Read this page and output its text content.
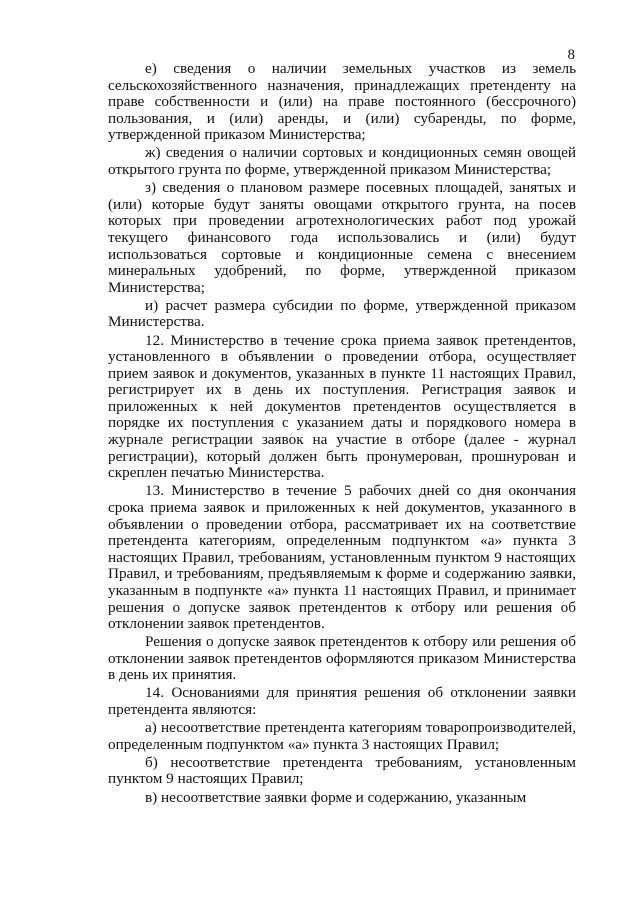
8

е) сведения о наличии земельных участков из земель сельскохозяйственного назначения, принадлежащих претенденту на праве собственности и (или) на праве постоянного (бессрочного) пользования, и (или) аренды, и (или) субаренды, по форме, утвержденной приказом Министерства;

ж) сведения о наличии сортовых и кондиционных семян овощей открытого грунта по форме, утвержденной приказом Министерства;

з) сведения о плановом размере посевных площадей, занятых и (или) которые будут заняты овощами открытого грунта, на посев которых при проведении агротехнологических работ под урожай текущего финансового года использовались и (или) будут использоваться сортовые и кондиционные семена с внесением минеральных удобрений, по форме, утвержденной приказом Министерства;

и) расчет размера субсидии по форме, утвержденной приказом Министерства.

12. Министерство в течение срока приема заявок претендентов, установленного в объявлении о проведении отбора, осуществляет прием заявок и документов, указанных в пункте 11 настоящих Правил, регистрирует их в день их поступления. Регистрация заявок и приложенных к ней документов претендентов осуществляется в порядке их поступления с указанием даты и порядкового номера в журнале регистрации заявок на участие в отборе (далее - журнал регистрации), который должен быть пронумерован, прошнурован и скреплен печатью Министерства.

13. Министерство в течение 5 рабочих дней со дня окончания срока приема заявок и приложенных к ней документов, указанного в объявлении о проведении отбора, рассматривает их на соответствие претендента категориям, определенным подпунктом «а» пункта 3 настоящих Правил, требованиям, установленным пунктом 9 настоящих Правил, и требованиям, предъявляемым к форме и содержанию заявки, указанным в подпункте «а» пункта 11 настоящих Правил, и принимает решения о допуске заявок претендентов к отбору или решения об отклонении заявок претендентов.

Решения о допуске заявок претендентов к отбору или решения об отклонении заявок претендентов оформляются приказом Министерства в день их принятия.

14. Основаниями для принятия решения об отклонении заявки претендента являются:

а) несоответствие претендента категориям товаропроизводителей, определенным подпунктом «а» пункта 3 настоящих Правил;

б) несоответствие претендента требованиям, установленным пунктом 9 настоящих Правил;

в) несоответствие заявки форме и содержанию, указанным
